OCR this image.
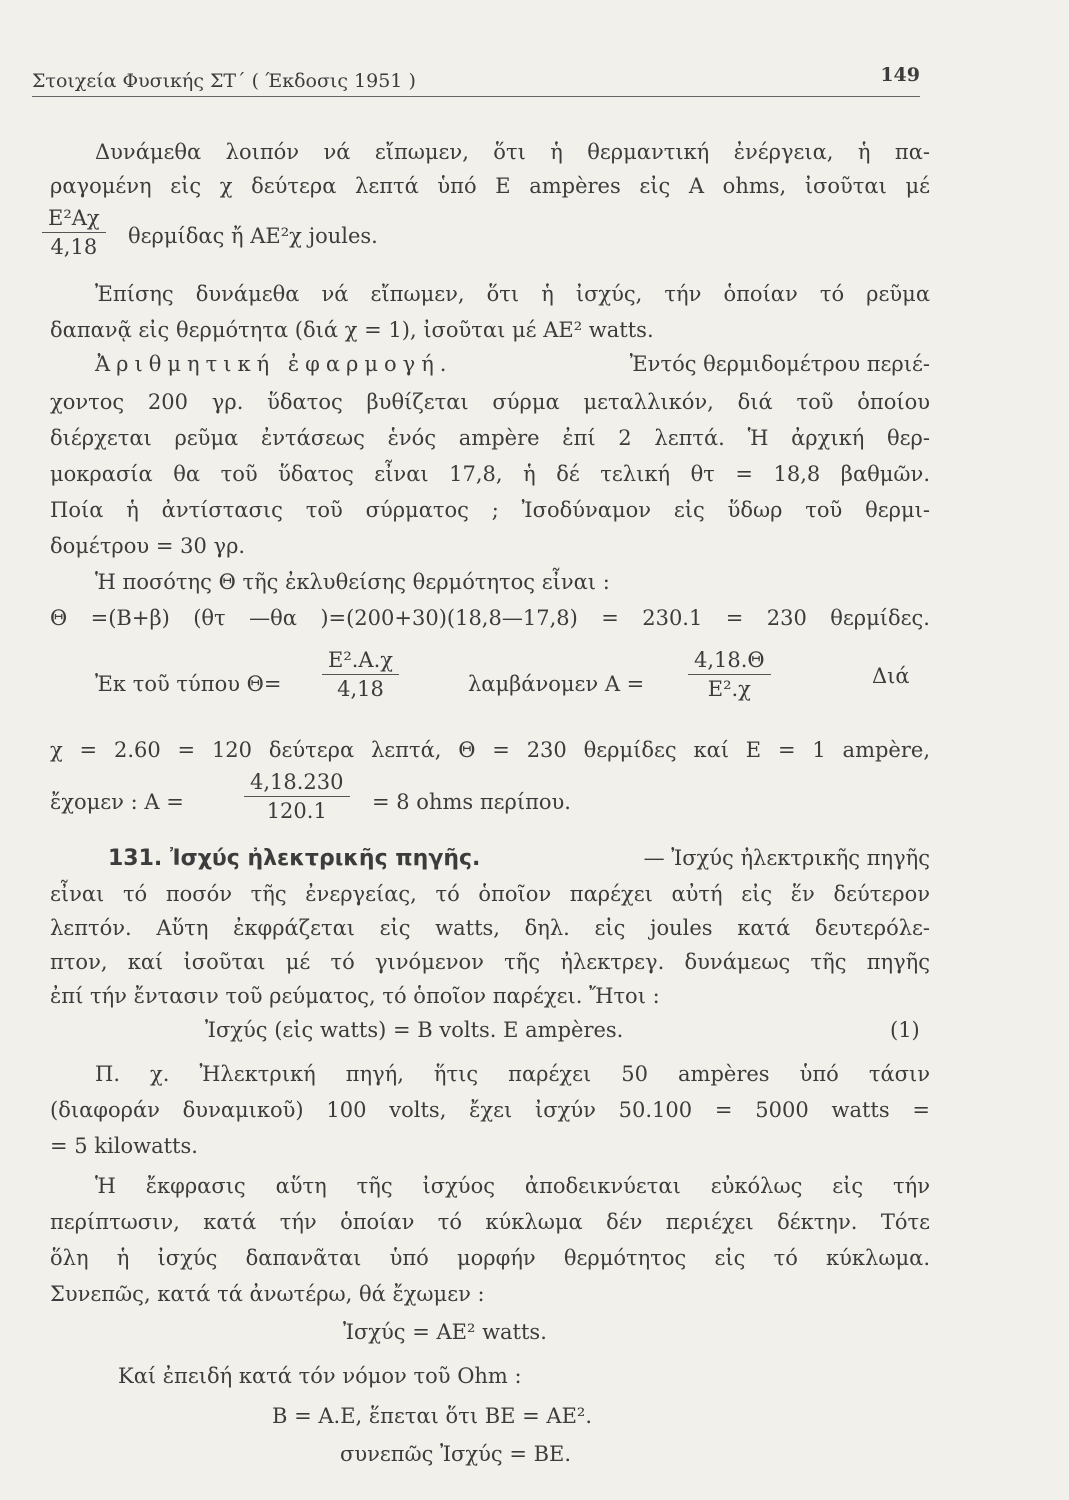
Στοιχεία Φυσικής ΣΤ΄ ( Έκδοσις 1951 )	149
Δυνάμεθα λοιπόν νά εἴπωμεν, ὅτι ἡ θερμαντική ἐνέργεια, ἡ πα-
ραγομένη εἰς χ δεύτερα λεπτά ὑπό E ampères εἰς A ohms, ἰσοῦται μέ
$\frac{\text{E²Aχ}}{4,18}$ θερμίδας ἤ AE²χ joules.
Ἐπίσης δυνάμεθα νά εἴπωμεν, ὅτι ἡ ἰσχύς, τήν ὁποίαν τό ρεῦμα
δαπανᾷ εἰς θερμότητα (διά χ = 1), ἰσοῦται μέ AE² watts.
Ἀριθμητική ἐφαρμογή.	Ἐντός θερμιδομέτρου περιέ-
χοντος 200 γρ. ὕδατος βυθίζεται σύρμα μεταλλικόν, διά τοῦ ὁποίου
διέρχεται ρεῦμα ἐντάσεως ἑνός ampère ἐπί 2 λεπτά. Ἡ ἀρχική θερ-
μοκρασία θα τοῦ ὕδατος εἶναι 17,8, ἡ δέ τελική θτ = 18,8 βαθμῶν.
Ποία ἡ ἀντίστασις τοῦ σύρματος ; Ἰσοδύναμον εἰς ὕδωρ τοῦ θερμι-
δομέτρου = 30 γρ.
Ἡ ποσότης Θ τῆς ἐκλυθείσης θερμότητος εἶναι :
Θ =(B+β) (θτ —θα )=(200+30)(18,8—17,8) = 230.1 = 230 θερμίδες.
Ἐκ τοῦ τύπου $\Theta= \frac{\text{E².A.χ}}{4,18}$	λαμβάνομεν $A = \frac{4,18.\Theta}{\text{E².χ}}$	Διά
χ = 2.60 = 120 δεύτερα λεπτά, Θ = 230 θερμίδες καί E = 1 ampère,
ἔχομεν : A =	$\frac{4,18.230}{120.1} = 8$ ohms περίπου.
131. Ἰσχύς ἠλεκτρικῆς πηγῆς.	— Ἰσχύς ἠλεκτρικῆς πηγῆς
εἶναι τό ποσόν τῆς ἐνεργείας, τό ὁποῖον παρέχει αὐτή εἰς ἕν δεύτερον
λεπτόν. Αὕτη ἐκφράζεται εἰς watts, δηλ. εἰς joules κατά δευτερόλε-
πτον, καί ἰσοῦται μέ τό γινόμενον τῆς ἠλεκτρεγ. δυνάμεως τῆς πηγῆς
ἐπί τήν ἔντασιν τοῦ ρεύματος, τό ὁποῖον παρέχει. Ἤτοι :
Ἰσχύς (εἰς watts) = B volts. E ampères.	(1)
Π. χ. Ἠλεκτρική πηγή, ἥτις παρέχει 50 ampères ὑπό τάσιν
(διαφοράν δυναμικοῦ) 100 volts, ἔχει ἰσχύν 50.100 = 5000 watts =
= 5 kilowatts.
Ἡ ἔκφρασις αὕτη τῆς ἰσχύος ἀποδεικνύεται εὐκόλως εἰς τήν
περίπτωσιν, κατά τήν ὁποίαν τό κύκλωμα δέν περιέχει δέκτην. Τότε
ὅλη ἡ ἰσχύς δαπανᾶται ὑπό μορφήν θερμότητος εἰς τό κύκλωμα.
Συνεπῶς, κατά τά ἀνωτέρω, θά ἔχωμεν :
Ἰσχύς = AE² watts.
Καί ἐπειδή κατά τόν νόμον τοῦ Ohm :
B = A.E, ἕπεται ὅτι BE = AE².
συνεπῶς Ἰσχύς = BE.
